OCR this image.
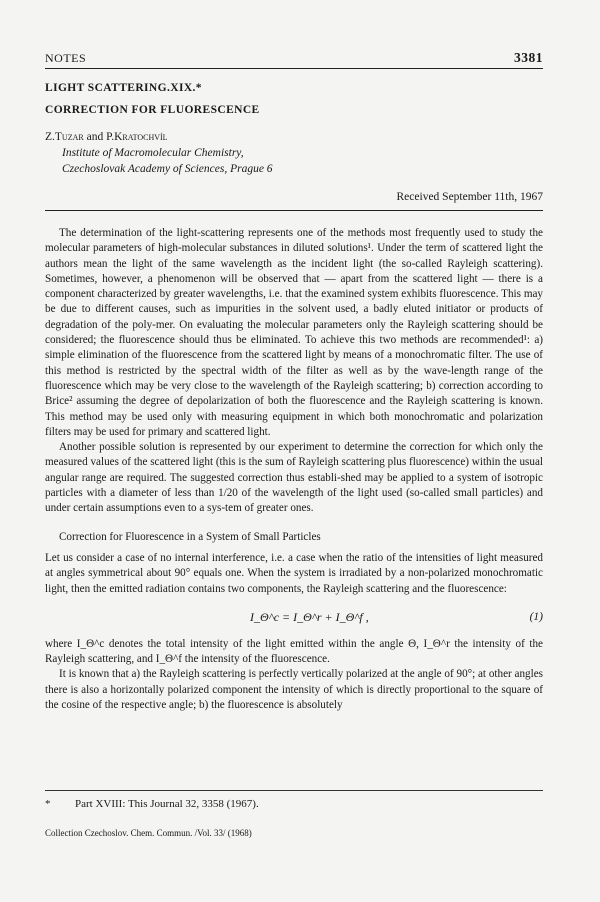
NOTES	3381
LIGHT SCATTERING.XIX.*
CORRECTION FOR FLUORESCENCE
Z.Tuzar and P.Kratochvíl
Institute of Macromolecular Chemistry,
Czechoslovak Academy of Sciences, Prague 6
Received September 11th, 1967

The determination of the light-scattering represents one of the methods most frequently used to study the molecular parameters of high-molecular substances in diluted solutions¹. Under the term of scattered light the authors mean the light of the same wavelength as the incident light (the so-called Rayleigh scattering). Sometimes, however, a phenomenon will be observed that — apart from the scattered light — there is a component characterized by greater wavelengths, i.e. that the examined system exhibits fluorescence. This may be due to different causes, such as impurities in the solvent used, a badly eluted initiator or products of degradation of the poly-mer. On evaluating the molecular parameters only the Rayleigh scattering should be considered; the fluorescence should thus be eliminated. To achieve this two methods are recommended¹: a) simple elimination of the fluorescence from the scattered light by means of a monochromatic filter. The use of this method is restricted by the spectral width of the filter as well as by the wave-length range of the fluorescence which may be very close to the wavelength of the Rayleigh scattering; b) correction according to Brice² assuming the degree of depolarization of both the fluorescence and the Rayleigh scattering is known. This method may be used only with measuring equipment in which both monochromatic and polarization filters may be used for primary and scattered light.

Another possible solution is represented by our experiment to determine the correction for which only the measured values of the scattered light (this is the sum of Rayleigh scattering plus fluorescence) within the usual angular range are required. The suggested correction thus establi-shed may be applied to a system of isotropic particles with a diameter of less than 1/20 of the wavelength of the light used (so-called small particles) and under certain assumptions even to a sys-tem of greater ones.

Correction for Fluorescence in a System of Small Particles

Let us consider a case of no internal interference, i.e. a case when the ratio of the intensities of light measured at angles symmetrical about 90° equals one. When the system is irradiated by a non-polarized monochromatic light, then the emitted radiation contains two components, the Rayleigh scattering and the fluorescence:

I_Θ^c = I_Θ^r + I_Θ^f ,	(1)

where I_Θ^c denotes the total intensity of the light emitted within the angle Θ, I_Θ^r the intensity of the Rayleigh scattering, and I_Θ^f the intensity of the fluorescence.

It is known that a) the Rayleigh scattering is perfectly vertically polarized at the angle of 90°; at other angles there is also a horizontally polarized component the intensity of which is directly proportional to the square of the cosine of the respective angle; b) the fluorescence is absolutely

* Part XVIII: This Journal 32, 3358 (1967).
Collection Czechoslov. Chem. Commun. /Vol. 33/ (1968)
